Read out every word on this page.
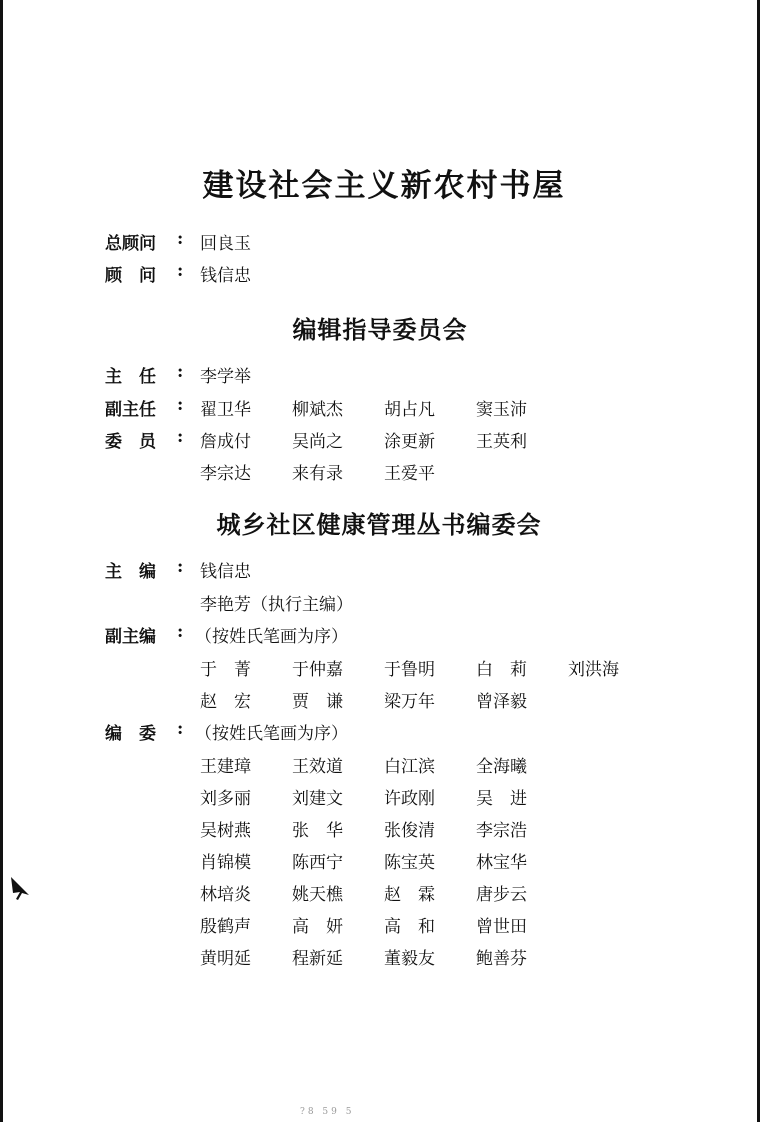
建设社会主义新农村书屋
总顾问 : 回良玉
顾　问 : 钱信忠
编辑指导委员会
主　任 : 李学举
副主任 : 翟卫华 柳斌杰 胡占凡 窦玉沛
委　员 : 詹成付 吴尚之 涂更新 王英利
李宗达 来有录 王爱平
城乡社区健康管理丛书编委会
主　编 : 钱信忠
李艳芳（执行主编）
副主编 : （按姓氏笔画为序）
于　菁 于仲嘉 于鲁明 白　莉 刘洪海
赵　宏 贾　谦 梁万年 曾泽毅
编　委 : （按姓氏笔画为序）
王建璋 王效道 白江滨 全海曦
刘多丽 刘建文 许政刚 吴　进
吴树燕 张　华 张俊清 李宗浩
肖锦模 陈西宁 陈宝英 林宝华
林培炎 姚天樵 赵　霖 唐步云
殷鹤声 高　妍 高　和 曾世田
黄明延 程新延 董毅友 鲍善芬
?8 59 5
